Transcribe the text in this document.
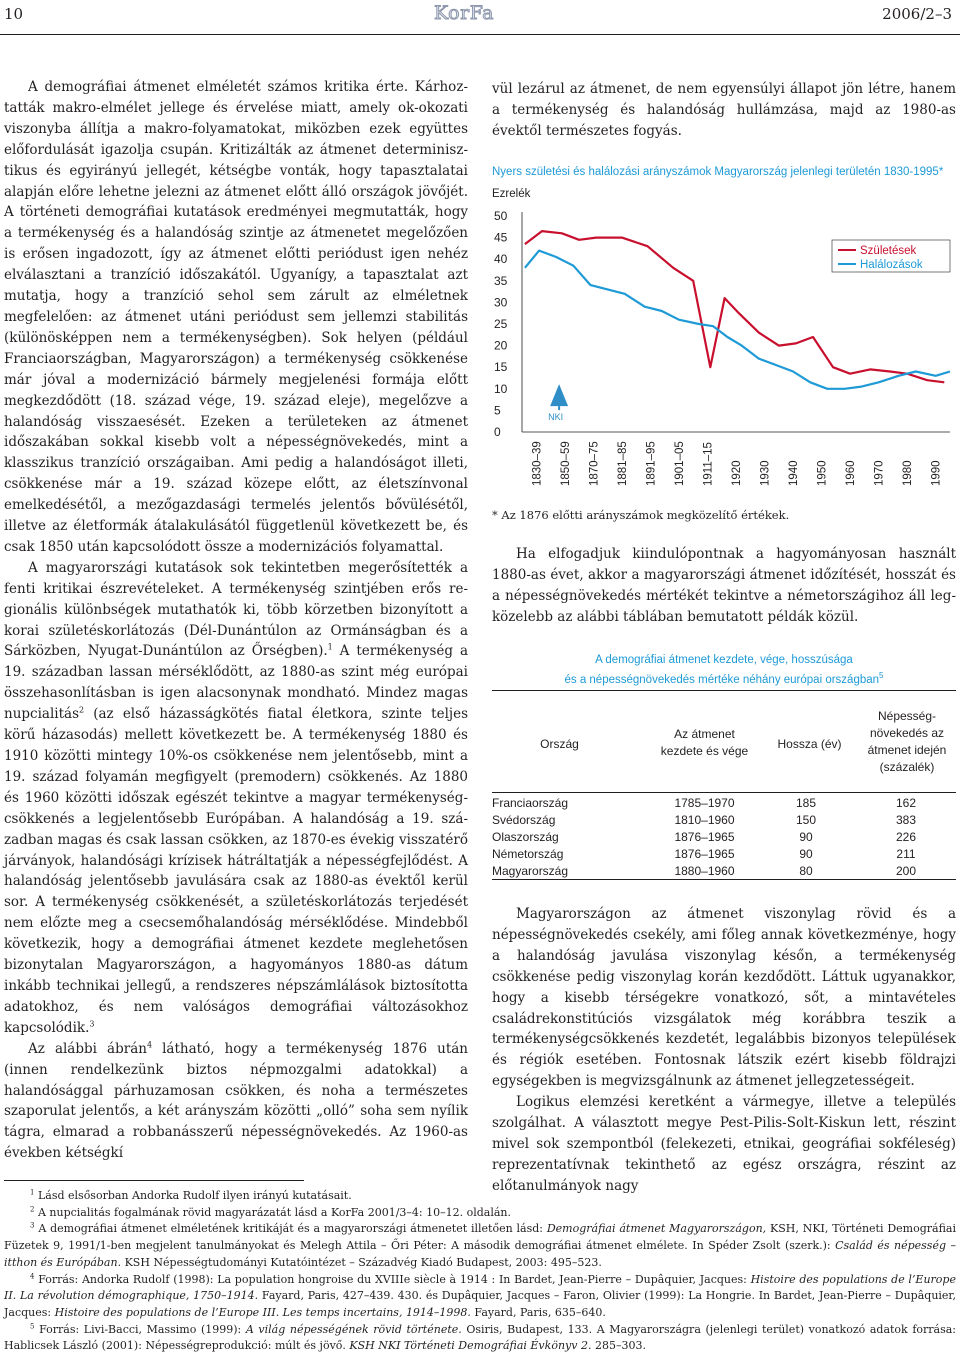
10	KorFa	2006/2–3

A demográfiai átmenet elméletét számos kritika érte. Kárhoztatták makro-elmélet jellege és érvelése miatt, amely ok-okozati viszonyba állítja a makro-folyamatokat, miközben ezek együttes előfordulását igazolja csupán. Kritizálták az átmenet determinisztikus és egyirányú jellegét, kétségbe vonták, hogy tapasztalatai alapján előre lehetne jelezni az átmenet előtt álló országok jövőjét. A történeti demográfiai kutatások eredményei megmutatták, hogy a termékenység és a halandóság szintje az átmenetet megelőzően is erősen ingadozott, így az átmenet előtti periódust igen nehéz elválasztani a tranzíció időszakától. Ugyanígy, a tapasztalat azt mutatja, hogy a tranzíció sehol sem zárult az elméletnek megfelelően: az átmenet utáni periódust sem jellemzi stabilitás (különösképpen nem a termékenységben). Sok helyen (például Franciaországban, Magyarországon) a termékenység csökkenése már jóval a modernizáció bármely megjelenési formája előtt megkezdődött (18. század vége, 19. század eleje), megelőzve a halandóság visszaesését. Ezeken a területeken az átmenet időszakában sokkal kisebb volt a népességnövekedés, mint a klasszikus tranzíció országaiban. Ami pedig a halandóságot illeti, csökkenése már a 19. század közepe előtt, az életszínvonal emelkedésétől, a mezőgazdasági termelés jelentős bővülésétől, illetve az életformák átalakulásától függetlenül következett be, és csak 1850 után kapcsolódott össze a modernizációs folyamattal.

A magyarországi kutatások sok tekintetben megerősítették a fenti kritikai észrevételeket. A termékenység szintjében erős regionális különbségek mutathatók ki, több körzetben bizonyított a korai születéskorlátozás (Dél-Dunántúlon az Ormánságban és a Sárközben, Nyugat-Dunántúlon az Őrségben).$^1$ A termékenység a 19. században lassan mérséklődött, az 1880-as szint még európai összehasonlításban is igen alacsonynak mondható. Mindez magas nupcialitás$^2$ (az első házasságkötés fiatal életkora, szinte teljes körű házasodás) mellett következett be. A termékenység 1880 és 1910 közötti mintegy 10%-os csökkenése nem jelentősebb, mint a 19. század folyamán megfigyelt (premodern) csökkenés. Az 1880 és 1960 közötti időszak egészét tekintve a magyar termékenységcsökkenés a legjelentősebb Európában. A halandóság a 19. században magas és csak lassan csökken, az 1870-es évekig visszatérő járványok, halandósági krízisek hátráltatják a népességfejlődést. A halandóság jelentősebb javulására csak az 1880-as évektől kerül sor. A termékenység csökkenését, a születéskorlátozás terjedését nem előzte meg a csecsemőhalandóság mérséklődése. Mindebből következik, hogy a demográfiai átmenet kezdete meglehetősen bizonytalan Magyarországon, a hagyományos 1880-as dátum inkább technikai jellegű, a rendszeres népszámlálások biztosította adatokhoz, és nem valóságos demográfiai változásokhoz kapcsolódik.$^3$

Az alábbi ábrán$^4$ látható, hogy a termékenység 1876 után (innen rendelkezünk biztos népmozgalmi adatokkal) a halandósággal párhuzamosan csökken, és noha a természetes szaporulat jelentős, a két arányszám közötti „olló” soha sem nyílik tágra, elmarad a robbanásszerű népességnövekedés. Az 1960-as években kétségkí

vül lezárul az átmenet, de nem egyensúlyi állapot jön létre, hanem a termékenység és halandóság hullámzása, majd az 1980-as évektől természetes fogyás.

Nyers születési és halálozási arányszámok Magyarország jelenlegi területén 1830-1995*
Ezrelék
0
5
10
15
20
25
30
35
40
45
50
1830–39 1850–59 1870–75 1881–85 1891–95 1901–05 1911–15 1920 1930 1940 1950 1960 1970 1980 1990
NKI
Születések
Halálozások
* Az 1876 előtti arányszámok megközelítő értékek.

Ha elfogadjuk kiindulópontnak a hagyományosan használt 1880-as évet, akkor a magyarországi átmenet időzítését, hosszát és a népességnövekedés mértékét tekintve a németországihoz áll legközelebb az alábbi táblában bemutatott példák közül.

A demográfiai átmenet kezdete, vége, hosszúsága
és a népességnövekedés mértéke néhány európai országban$^5$
Ország
Az átmenet
kezdete és vége	Hossza (év)
Népesség-
növekedés az
átmenet idején
(százalék)
Franciaország	1785–1970	185	162
Svédország	1810–1960	150	383
Olaszország	1876–1965	90	226
Németország	1876–1965	90	211
Magyarország	1880–1960	80	200

Magyarországon az átmenet viszonylag rövid és a népességnövekedés csekély, ami főleg annak következménye, hogy a halandóság javulása viszonylag későn, a termékenység csökkenése pedig viszonylag korán kezdődött. Láttuk ugyanakkor, hogy a kisebb térségekre vonatkozó, sőt, a mintavételes családrekonstitúciós vizsgálatok még korábbra teszik a termékenységcsökkenés kezdetét, legalábbis bizonyos települések és régiók esetében. Fontosnak látszik ezért kisebb földrajzi egységekben is megvizsgálnunk az átmenet jellegzetességeit.

Logikus elemzési keretként a vármegye, illetve a település szolgálhat. A választott megye Pest-Pilis-Solt-Kiskun lett, részint mivel sok szempontból (felekezeti, etnikai, geográfiai sokféleség) reprezentatívnak tekinthető az egész országra, részint az előtanulmányok nagy

$^1$ Lásd elsősorban Andorka Rudolf ilyen irányú kutatásait.

$^2$ A nupcialitás fogalmának rövid magyarázatát lásd a KorFa 2001/3–4: 10–12. oldalán.

$^3$ A demográfiai átmenet elméletének kritikáját és a magyarországi átmenetet illetően lásd: Demográfiai átmenet Magyarországon, KSH, NKI, Történeti Demográfiai Füzetek 9, 1991/1-ben megjelent tanulmányokat és Melegh Attila – Őri Péter: A második demográfiai átmenet elmélete. In Spéder Zsolt (szerk.): Család és népesség – itthon és Európában. KSH Népességtudományi Kutatóintézet – Századvég Kiadó Budapest, 2003: 495–523.

$^4$ Forrás: Andorka Rudolf (1998): La population hongroise du XVIIIe siècle à 1914 : In Bardet, Jean-Pierre – Dupâquier, Jacques: Histoire des populations de l’Europe II. La révolution démographique, 1750–1914. Fayard, Paris, 427–439. 430. és Dupâquier, Jacques – Faron, Olivier (1999): La Hongrie. In Bardet, Jean-Pierre – Dupâquier, Jacques: Histoire des populations de l’Europe III. Les temps incertains, 1914–1998. Fayard, Paris, 635–640.

$^5$ Forrás: Livi-Bacci, Massimo (1999): A világ népességének rövid története. Osiris, Budapest, 133. A Magyarországra (jelenlegi terület) vonatkozó adatok forrása: Hablicsek László (2001): Népességreprodukció: múlt és jövő. KSH NKI Történeti Demográfiai Évkönyv 2. 285–303.
